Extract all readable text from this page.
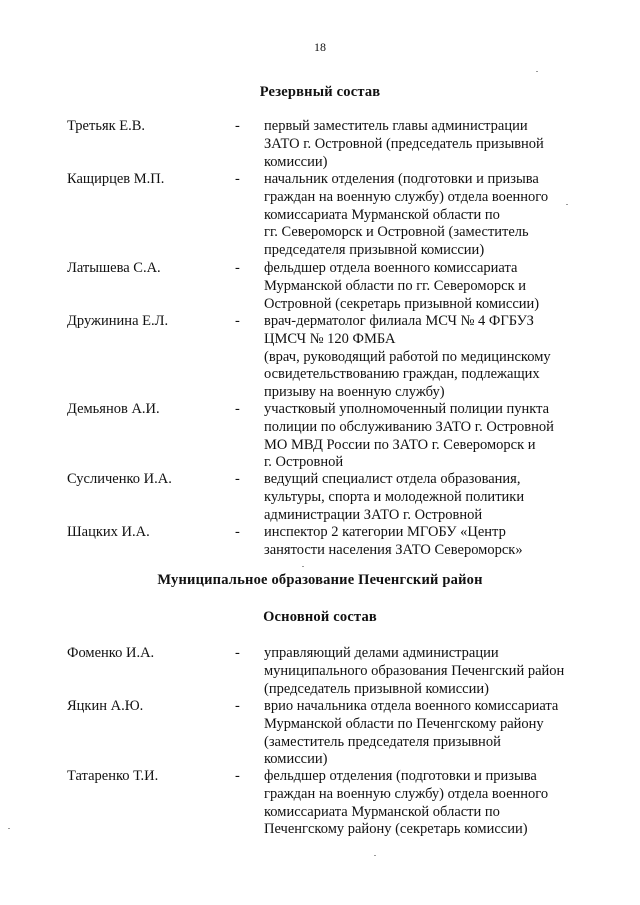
18
Резервный состав
Третьяк Е.В.	- первый заместитель главы администрации
ЗАТО г. Островной (председатель призывной
комиссии)
Кащирцев М.П.	- начальник отделения (подготовки и призыва
граждан на военную службу) отдела военного
комиссариата Мурманской области по
гг. Североморск и Островной (заместитель
председателя призывной комиссии)
Латышева С.А.	- фельдшер отдела военного комиссариата
Мурманской области по гг. Североморск и
Островной (секретарь призывной комиссии)
Дружинина Е.Л.	- врач-дерматолог филиала МСЧ № 4 ФГБУЗ
ЦМСЧ № 120 ФМБА
(врач, руководящий работой по медицинскому
освидетельствованию граждан, подлежащих
призыву на военную службу)
Демьянов А.И.	- участковый уполномоченный полиции пункта
полиции по обслуживанию ЗАТО г. Островной
МО МВД России по ЗАТО г. Североморск и
г. Островной
Сусличенко И.А.	- ведущий специалист отдела образования,
культуры, спорта и молодежной политики
администрации ЗАТО г. Островной
Шацких И.А.	- инспектор 2 категории МГОБУ «Центр
занятости населения ЗАТО Североморск»
Муниципальное образование Печенгский район
Основной состав
Фоменко И.А.	- управляющий делами администрации
муниципального образования Печенгский район
(председатель призывной комиссии)
Яцкин А.Ю.	- врио начальника отдела военного комиссариата
Мурманской области по Печенгскому району
(заместитель председателя призывной
комиссии)
Татаренко Т.И.	- фельдшер отделения (подготовки и призыва
граждан на военную службу) отдела военного
комиссариата Мурманской области по
Печенгскому району (секретарь комиссии)
